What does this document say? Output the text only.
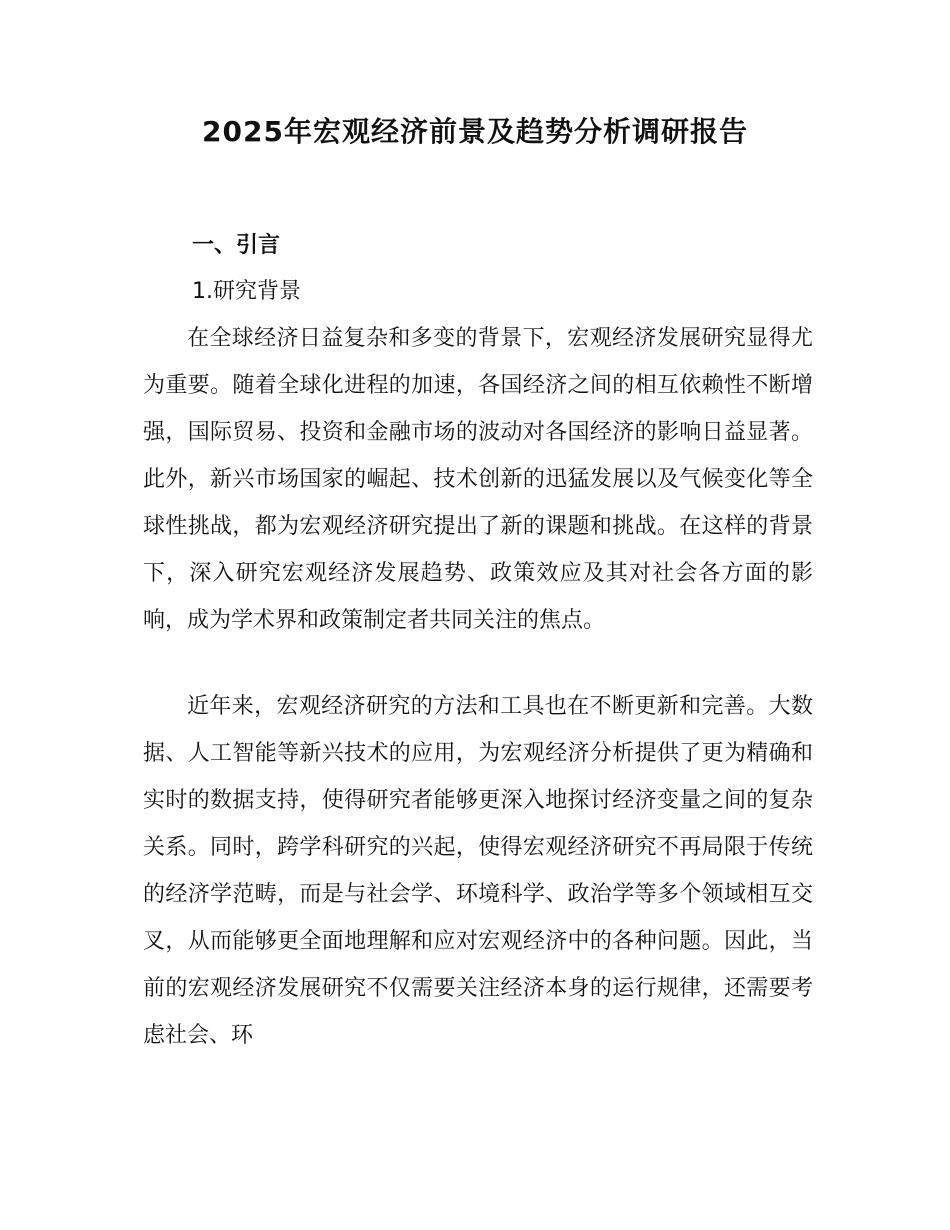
2025年宏观经济前景及趋势分析调研报告
一、引言
1.研究背景

在全球经济日益复杂和多变的背景下，宏观经济发展研究显得尤为重要。随着全球化进程的加速，各国经济之间的相互依赖性不断增强，国际贸易、投资和金融市场的波动对各国经济的影响日益显著。此外，新兴市场国家的崛起、技术创新的迅猛发展以及气候变化等全球性挑战，都为宏观经济研究提出了新的课题和挑战。在这样的背景下，深入研究宏观经济发展趋势、政策效应及其对社会各方面的影响，成为学术界和政策制定者共同关注的焦点。

近年来，宏观经济研究的方法和工具也在不断更新和完善。大数据、人工智能等新兴技术的应用，为宏观经济分析提供了更为精确和实时的数据支持，使得研究者能够更深入地探讨经济变量之间的复杂关系。同时，跨学科研究的兴起，使得宏观经济研究不再局限于传统的经济学范畴，而是与社会学、环境科学、政治学等多个领域相互交叉，从而能够更全面地理解和应对宏观经济中的各种问题。因此，当前的宏观经济发展研究不仅需要关注经济本身的运行规律，还需要考虑社会、环
